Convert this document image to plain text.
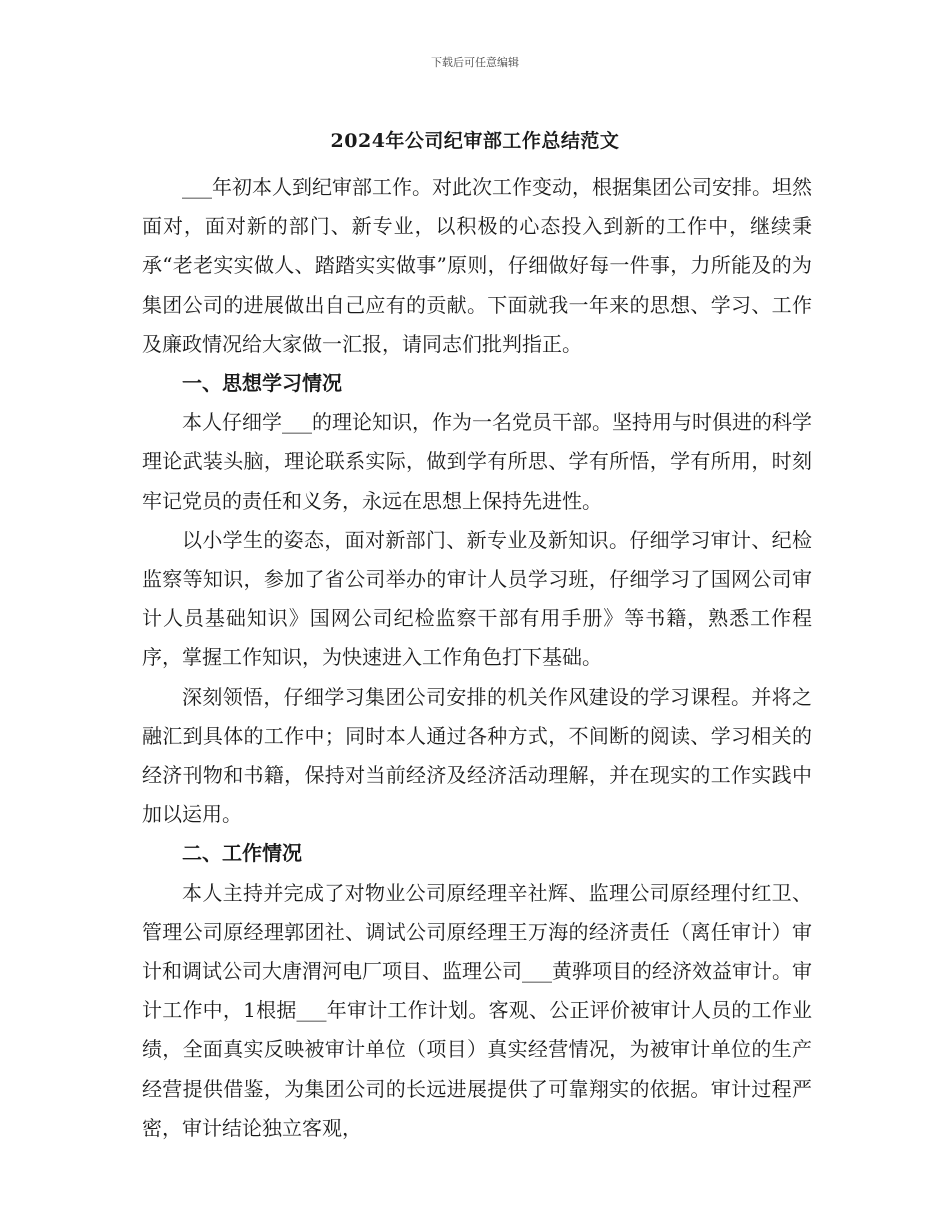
下载后可任意编辑
2024年公司纪审部工作总结范文

___年初本人到纪审部工作。对此次工作变动，根据集团公司安排。坦然面对，面对新的部门、新专业，以积极的心态投入到新的工作中，继续秉承“老老实实做人、踏踏实实做事”原则，仔细做好每一件事，力所能及的为集团公司的进展做出自己应有的贡献。下面就我一年来的思想、学习、工作及廉政情况给大家做一汇报，请同志们批判指正。

一、思想学习情况

本人仔细学___的理论知识，作为一名党员干部。坚持用与时俱进的科学理论武装头脑，理论联系实际，做到学有所思、学有所悟，学有所用，时刻牢记党员的责任和义务，永远在思想上保持先进性。

以小学生的姿态，面对新部门、新专业及新知识。仔细学习审计、纪检监察等知识，参加了省公司举办的审计人员学习班，仔细学习了国网公司审计人员基础知识》国网公司纪检监察干部有用手册》等书籍，熟悉工作程序，掌握工作知识，为快速进入工作角色打下基础。

深刻领悟，仔细学习集团公司安排的机关作风建设的学习课程。并将之融汇到具体的工作中；同时本人通过各种方式，不间断的阅读、学习相关的经济刊物和书籍，保持对当前经济及经济活动理解，并在现实的工作实践中加以运用。

二、工作情况

本人主持并完成了对物业公司原经理辛社辉、监理公司原经理付红卫、管理公司原经理郭团社、调试公司原经理王万海的经济责任（离任审计）审计和调试公司大唐渭河电厂项目、监理公司___黄骅项目的经济效益审计。审计工作中，1根据___年审计工作计划。客观、公正评价被审计人员的工作业绩，全面真实反映被审计单位（项目）真实经营情况，为被审计单位的生产经营提供借鉴，为集团公司的长远进展提供了可靠翔实的依据。审计过程严密，审计结论独立客观，
